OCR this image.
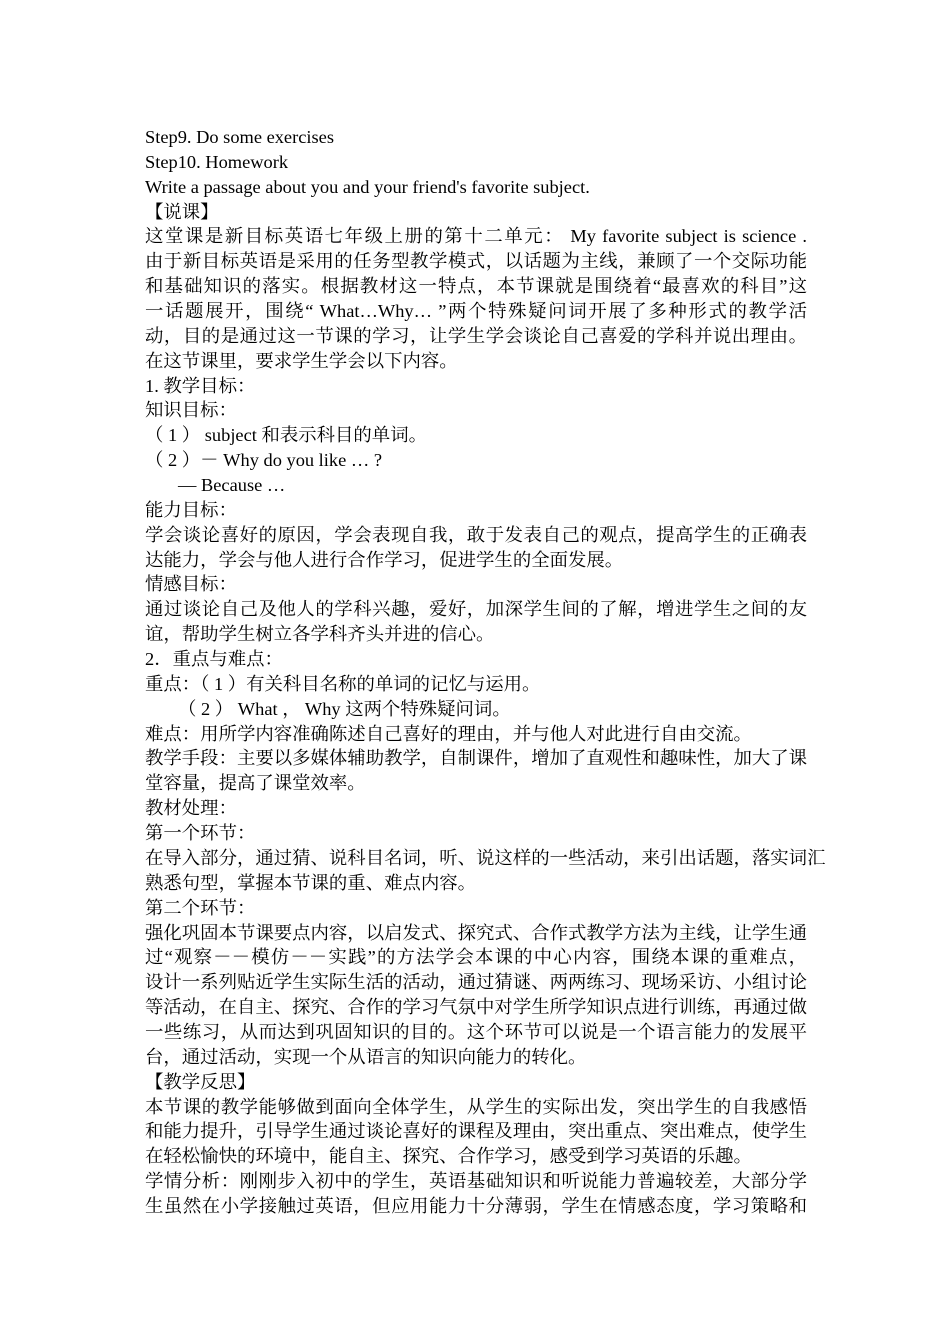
Step9. Do some exercises
Step10. Homework
Write a passage about you and your friend's favorite subject.
【说课】
这堂课是新目标英语七年级上册的第十二单元： My favorite subject is science .
由于新目标英语是采用的任务型教学模式，以话题为主线，兼顾了一个交际功能
和基础知识的落实。根据教材这一特点，本节课就是围绕着“最喜欢的科目”这
一话题展开，围绕“ What…Why… ”两个特殊疑问词开展了多种形式的教学活
动，目的是通过这一节课的学习，让学生学会谈论自己喜爱的学科并说出理由。
在这节课里，要求学生学会以下内容。
1. 教学目标：
知识目标：
（ 1 ） subject 和表示科目的单词。
（ 2 ）－ Why do you like … ?
— Because …
能力目标：
学会谈论喜好的原因，学会表现自我，敢于发表自己的观点，提高学生的正确表
达能力，学会与他人进行合作学习，促进学生的全面发展。
情感目标：
通过谈论自己及他人的学科兴趣，爱好，加深学生间的了解，增进学生之间的友
谊，帮助学生树立各学科齐头并进的信心。
2．重点与难点：
重点：（ 1 ）有关科目名称的单词的记忆与运用。
（ 2 ） What ， Why 这两个特殊疑问词。
难点：用所学内容准确陈述自己喜好的理由，并与他人对此进行自由交流。
教学手段：主要以多媒体辅助教学，自制课件，增加了直观性和趣味性，加大了课
堂容量，提高了课堂效率。
教材处理：
第一个环节：
在导入部分，通过猜、说科目名词，听、说这样的一些活动，来引出话题，落实词汇
熟悉句型，掌握本节课的重、难点内容。
第二个环节：
强化巩固本节课要点内容，以启发式、探究式、合作式教学方法为主线，让学生通
过“观察－－模仿－－实践”的方法学会本课的中心内容，围绕本课的重难点，
设计一系列贴近学生实际生活的活动，通过猜谜、两两练习、现场采访、小组讨论
等活动，在自主、探究、合作的学习气氛中对学生所学知识点进行训练，再通过做
一些练习，从而达到巩固知识的目的。这个环节可以说是一个语言能力的发展平
台，通过活动，实现一个从语言的知识向能力的转化。
【教学反思】
本节课的教学能够做到面向全体学生，从学生的实际出发，突出学生的自我感悟
和能力提升，引导学生通过谈论喜好的课程及理由，突出重点、突出难点，使学生
在轻松愉快的环境中，能自主、探究、合作学习，感受到学习英语的乐趣。
学情分析：刚刚步入初中的学生，英语基础知识和听说能力普遍较差，大部分学
生虽然在小学接触过英语，但应用能力十分薄弱，学生在情感态度，学习策略和
